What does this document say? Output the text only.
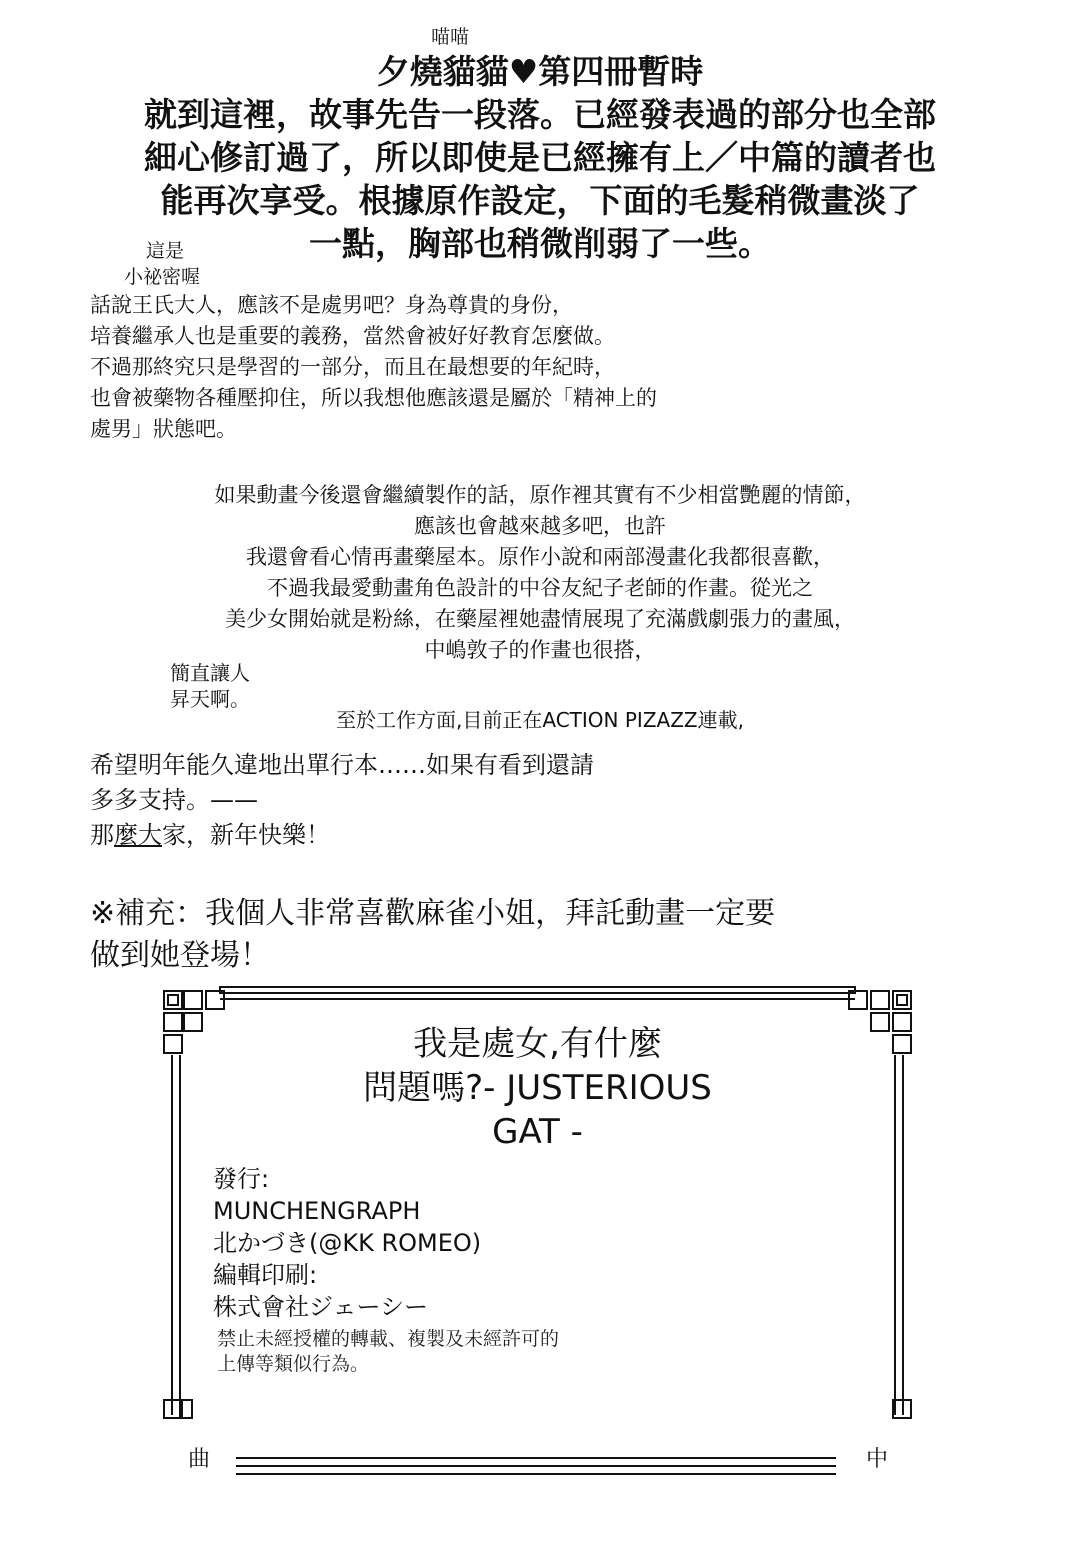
喵喵
夕燒貓貓♥第四冊暫時
就到這裡，故事先告一段落。已經發表過的部分也全部
細心修訂過了，所以即使是已經擁有上／中篇的讀者也
能再次享受。根據原作設定，下面的毛髮稍微畫淡了
一點，胸部也稍微削弱了一些。
這是
小祕密喔
話說王氏大人，應該不是處男吧？身為尊貴的身份，
培養繼承人也是重要的義務，當然會被好好教育怎麼做。
不過那終究只是學習的一部分，而且在最想要的年紀時，
也會被藥物各種壓抑住，所以我想他應該還是屬於「精神上的
處男」狀態吧。
如果動畫今後還會繼續製作的話，原作裡其實有不少相當艷麗的情節，
應該也會越來越多吧，也許
我還會看心情再畫藥屋本。原作小說和兩部漫畫化我都很喜歡，
不過我最愛動畫角色設計的中谷友紀子老師的作畫。從光之
美少女開始就是粉絲，在藥屋裡她盡情展現了充滿戲劇張力的畫風，
中嶋敦子的作畫也很搭，
簡直讓人
昇天啊。
至於工作方面,目前正在ACTION PIZAZZ連載,
希望明年能久違地出單行本……如果有看到還請
多多支持。——
那麼大家，新年快樂！
※補充：我個人非常喜歡麻雀小姐，拜託動畫一定要
做到她登場！
我是處女,有什麼
問題嗎?- JUSTERIOUS
GAT -
發行:
MUNCHENGRAPH
北かづき(@KK ROMEO)
編輯印刷:
株式會社ジェーシー
禁止未經授權的轉載、複製及未經許可的
上傳等類似行為。
曲	中
